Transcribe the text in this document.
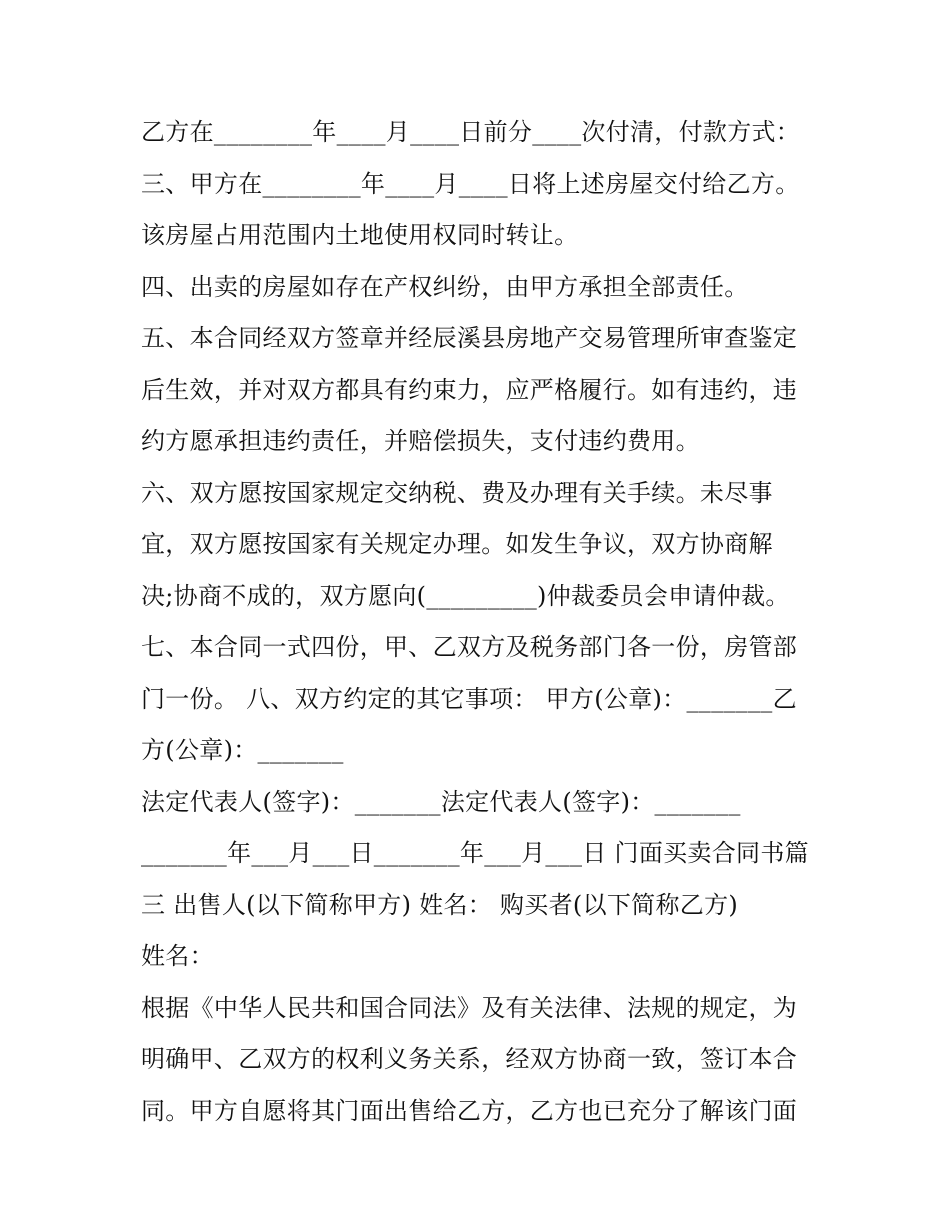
乙方在________年____月____日前分____次付清，付款方式：
三、甲方在________年____月____日将上述房屋交付给乙方。
该房屋占用范围内土地使用权同时转让。
四、出卖的房屋如存在产权纠纷，由甲方承担全部责任。
五、本合同经双方签章并经辰溪县房地产交易管理所审查鉴定
后生效，并对双方都具有约束力，应严格履行。如有违约，违
约方愿承担违约责任，并赔偿损失，支付违约费用。
六、双方愿按国家规定交纳税、费及办理有关手续。未尽事
宜，双方愿按国家有关规定办理。如发生争议，双方协商解
决;协商不成的，双方愿向(_________)仲裁委员会申请仲裁。
七、本合同一式四份，甲、乙双方及税务部门各一份，房管部
门一份。 八、双方约定的其它事项： 甲方(公章)：_______乙
方(公章)：_______
法定代表人(签字)：_______法定代表人(签字)：_______
_______年___月___日_______年___月___日 门面买卖合同书篇
三 出售人(以下简称甲方) 姓名： 购买者(以下简称乙方)
姓名：
根据《中华人民共和国合同法》及有关法律、法规的规定，为
明确甲、乙双方的权利义务关系，经双方协商一致，签订本合
同。甲方自愿将其门面出售给乙方，乙方也已充分了解该门面
